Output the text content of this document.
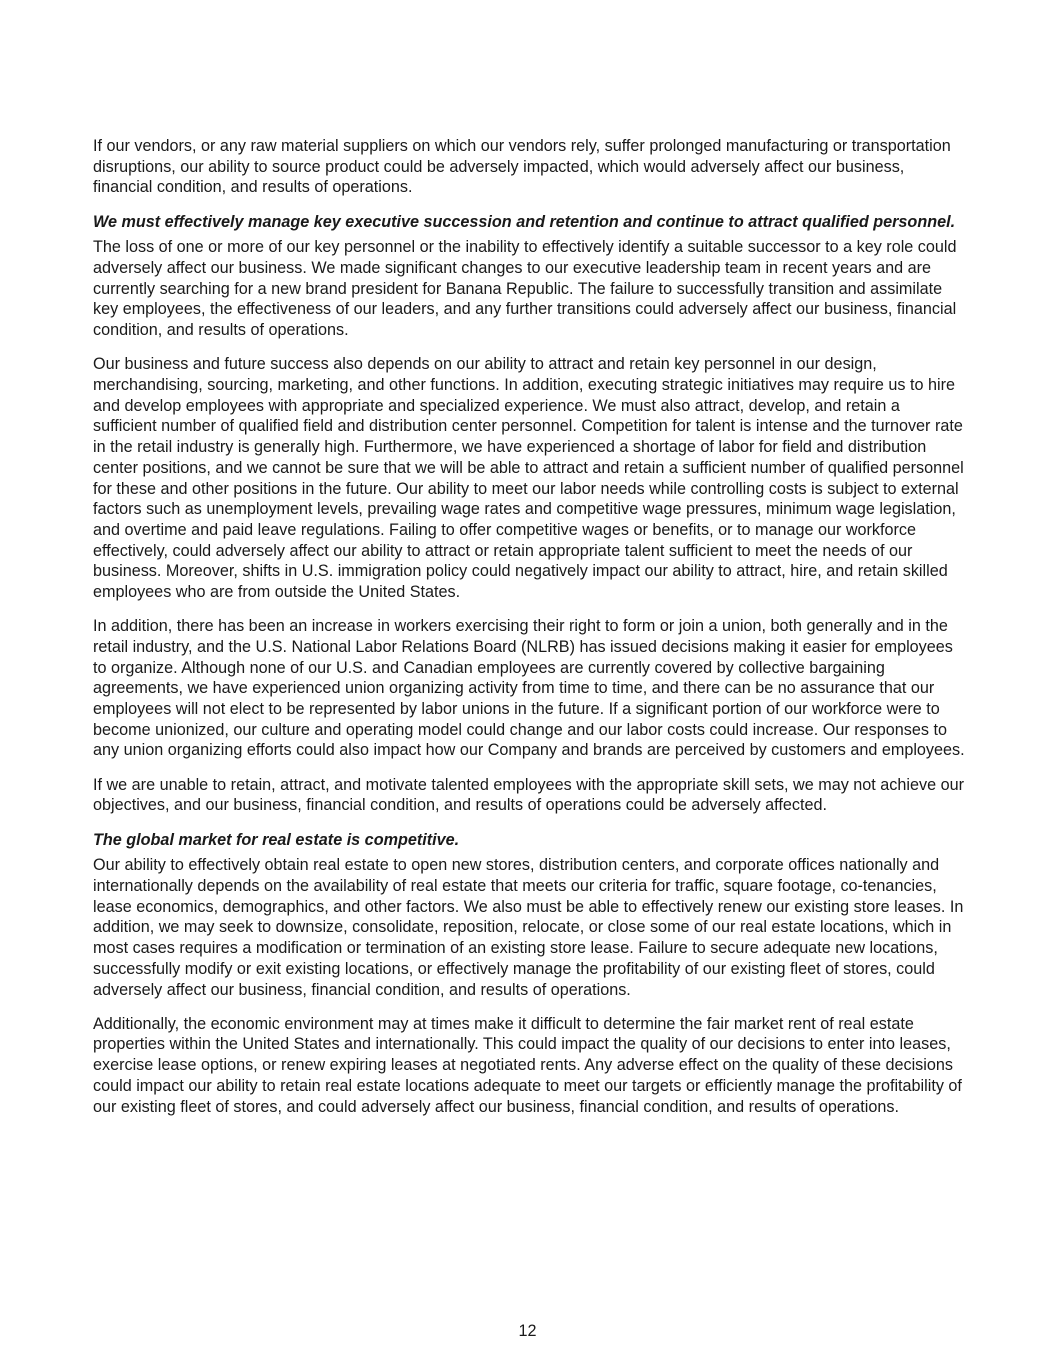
If our vendors, or any raw material suppliers on which our vendors rely, suffer prolonged manufacturing or transportation disruptions, our ability to source product could be adversely impacted, which would adversely affect our business, financial condition, and results of operations.

We must effectively manage key executive succession and retention and continue to attract qualified personnel.

The loss of one or more of our key personnel or the inability to effectively identify a suitable successor to a key role could adversely affect our business. We made significant changes to our executive leadership team in recent years and are currently searching for a new brand president for Banana Republic. The failure to successfully transition and assimilate key employees, the effectiveness of our leaders, and any further transitions could adversely affect our business, financial condition, and results of operations.

Our business and future success also depends on our ability to attract and retain key personnel in our design, merchandising, sourcing, marketing, and other functions. In addition, executing strategic initiatives may require us to hire and develop employees with appropriate and specialized experience. We must also attract, develop, and retain a sufficient number of qualified field and distribution center personnel. Competition for talent is intense and the turnover rate in the retail industry is generally high. Furthermore, we have experienced a shortage of labor for field and distribution center positions, and we cannot be sure that we will be able to attract and retain a sufficient number of qualified personnel for these and other positions in the future. Our ability to meet our labor needs while controlling costs is subject to external factors such as unemployment levels, prevailing wage rates and competitive wage pressures, minimum wage legislation, and overtime and paid leave regulations. Failing to offer competitive wages or benefits, or to manage our workforce effectively, could adversely affect our ability to attract or retain appropriate talent sufficient to meet the needs of our business. Moreover, shifts in U.S. immigration policy could negatively impact our ability to attract, hire, and retain skilled employees who are from outside the United States.

In addition, there has been an increase in workers exercising their right to form or join a union, both generally and in the retail industry, and the U.S. National Labor Relations Board (NLRB) has issued decisions making it easier for employees to organize. Although none of our U.S. and Canadian employees are currently covered by collective bargaining agreements, we have experienced union organizing activity from time to time, and there can be no assurance that our employees will not elect to be represented by labor unions in the future. If a significant portion of our workforce were to become unionized, our culture and operating model could change and our labor costs could increase. Our responses to any union organizing efforts could also impact how our Company and brands are perceived by customers and employees.

If we are unable to retain, attract, and motivate talented employees with the appropriate skill sets, we may not achieve our objectives, and our business, financial condition, and results of operations could be adversely affected.

The global market for real estate is competitive.

Our ability to effectively obtain real estate to open new stores, distribution centers, and corporate offices nationally and internationally depends on the availability of real estate that meets our criteria for traffic, square footage, co-tenancies, lease economics, demographics, and other factors. We also must be able to effectively renew our existing store leases. In addition, we may seek to downsize, consolidate, reposition, relocate, or close some of our real estate locations, which in most cases requires a modification or termination of an existing store lease. Failure to secure adequate new locations, successfully modify or exit existing locations, or effectively manage the profitability of our existing fleet of stores, could adversely affect our business, financial condition, and results of operations.

Additionally, the economic environment may at times make it difficult to determine the fair market rent of real estate properties within the United States and internationally. This could impact the quality of our decisions to enter into leases, exercise lease options, or renew expiring leases at negotiated rents. Any adverse effect on the quality of these decisions could impact our ability to retain real estate locations adequate to meet our targets or efficiently manage the profitability of our existing fleet of stores, and could adversely affect our business, financial condition, and results of operations.

12
